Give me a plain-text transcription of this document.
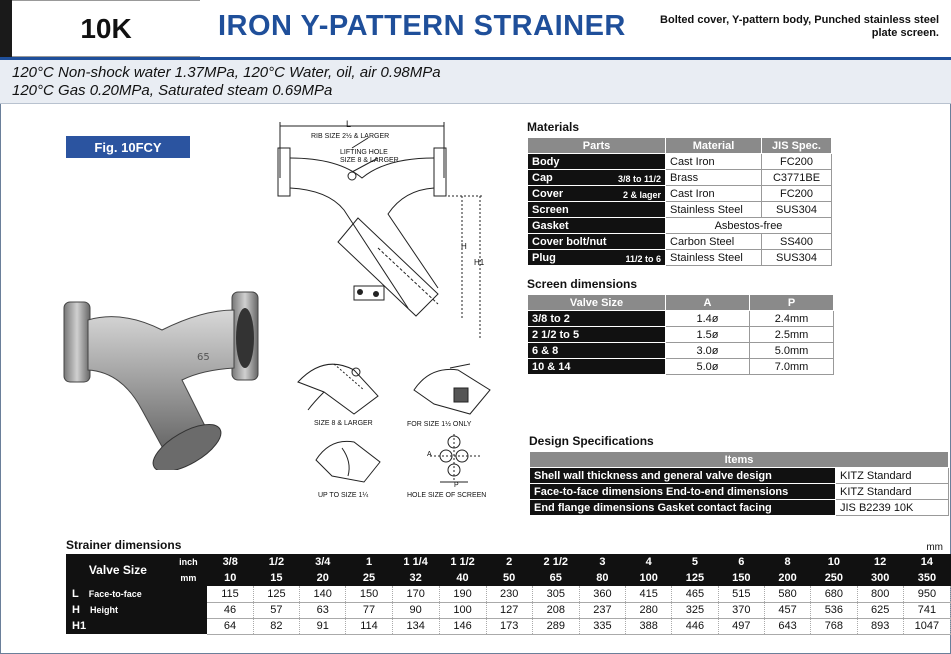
10K	IRON Y-PATTERN STRAINER	Bolted cover, Y-pattern body, Punched stainless steel plate screen.
120°C Non-shock water 1.37MPa, 120°C Water, oil, air 0.98MPa
120°C Gas 0.20MPa, Saturated steam 0.69MPa
Fig. 10FCY
65
L
RIB SIZE 2½ & LARGER
LIFTING HOLE
SIZE 8 & LARGER
H
H1
SIZE 8 & LARGER	FOR SIZE 1½ ONLY
UP TO SIZE 1¼
A
P
HOLE SIZE OF SCREEN
Materials
Parts	Material	JIS Spec.
Body	Cast Iron	FC200
Cap 3/8 to 11/2	Brass	C3771BE
Cover 2 & lager	Cast Iron	FC200
Screen	Stainless Steel	SUS304
Gasket	Asbestos-free	
Cover bolt/nut	Carbon Steel	SS400
Plug 11/2 to 6	Stainless Steel	SUS304
Screen dimensions
Valve Size	A	P
3/8 to 2	1.4ø	2.4mm
2 1/2 to 5	1.5ø	2.5mm
6 & 8	3.0ø	5.0mm
10 & 14	5.0ø	7.0mm
Design Specifications
Items	
Shell wall thickness and general valve design	KITZ Standard
Face-to-face dimensions End-to-end dimensions	KITZ Standard
End flange dimensions Gasket contact facing	JIS B2239 10K
Strainer dimensions	mm
Valve Size	inch	3/8	1/2	3/4	1	1 1/4	1 1/2	2	2 1/2	3	4	5	6	8	10	12	14
	mm	10	15	20	25	32	40	50	65	80	100	125	150	200	250	300	350
L Face-to-face		115	125	140	150	170	190	230	305	360	415	465	515	580	680	800	950
H Height		46	57	63	77	90	100	127	208	237	280	325	370	457	536	625	741
H1		64	82	91	114	134	146	173	289	335	388	446	497	643	768	893	1047
